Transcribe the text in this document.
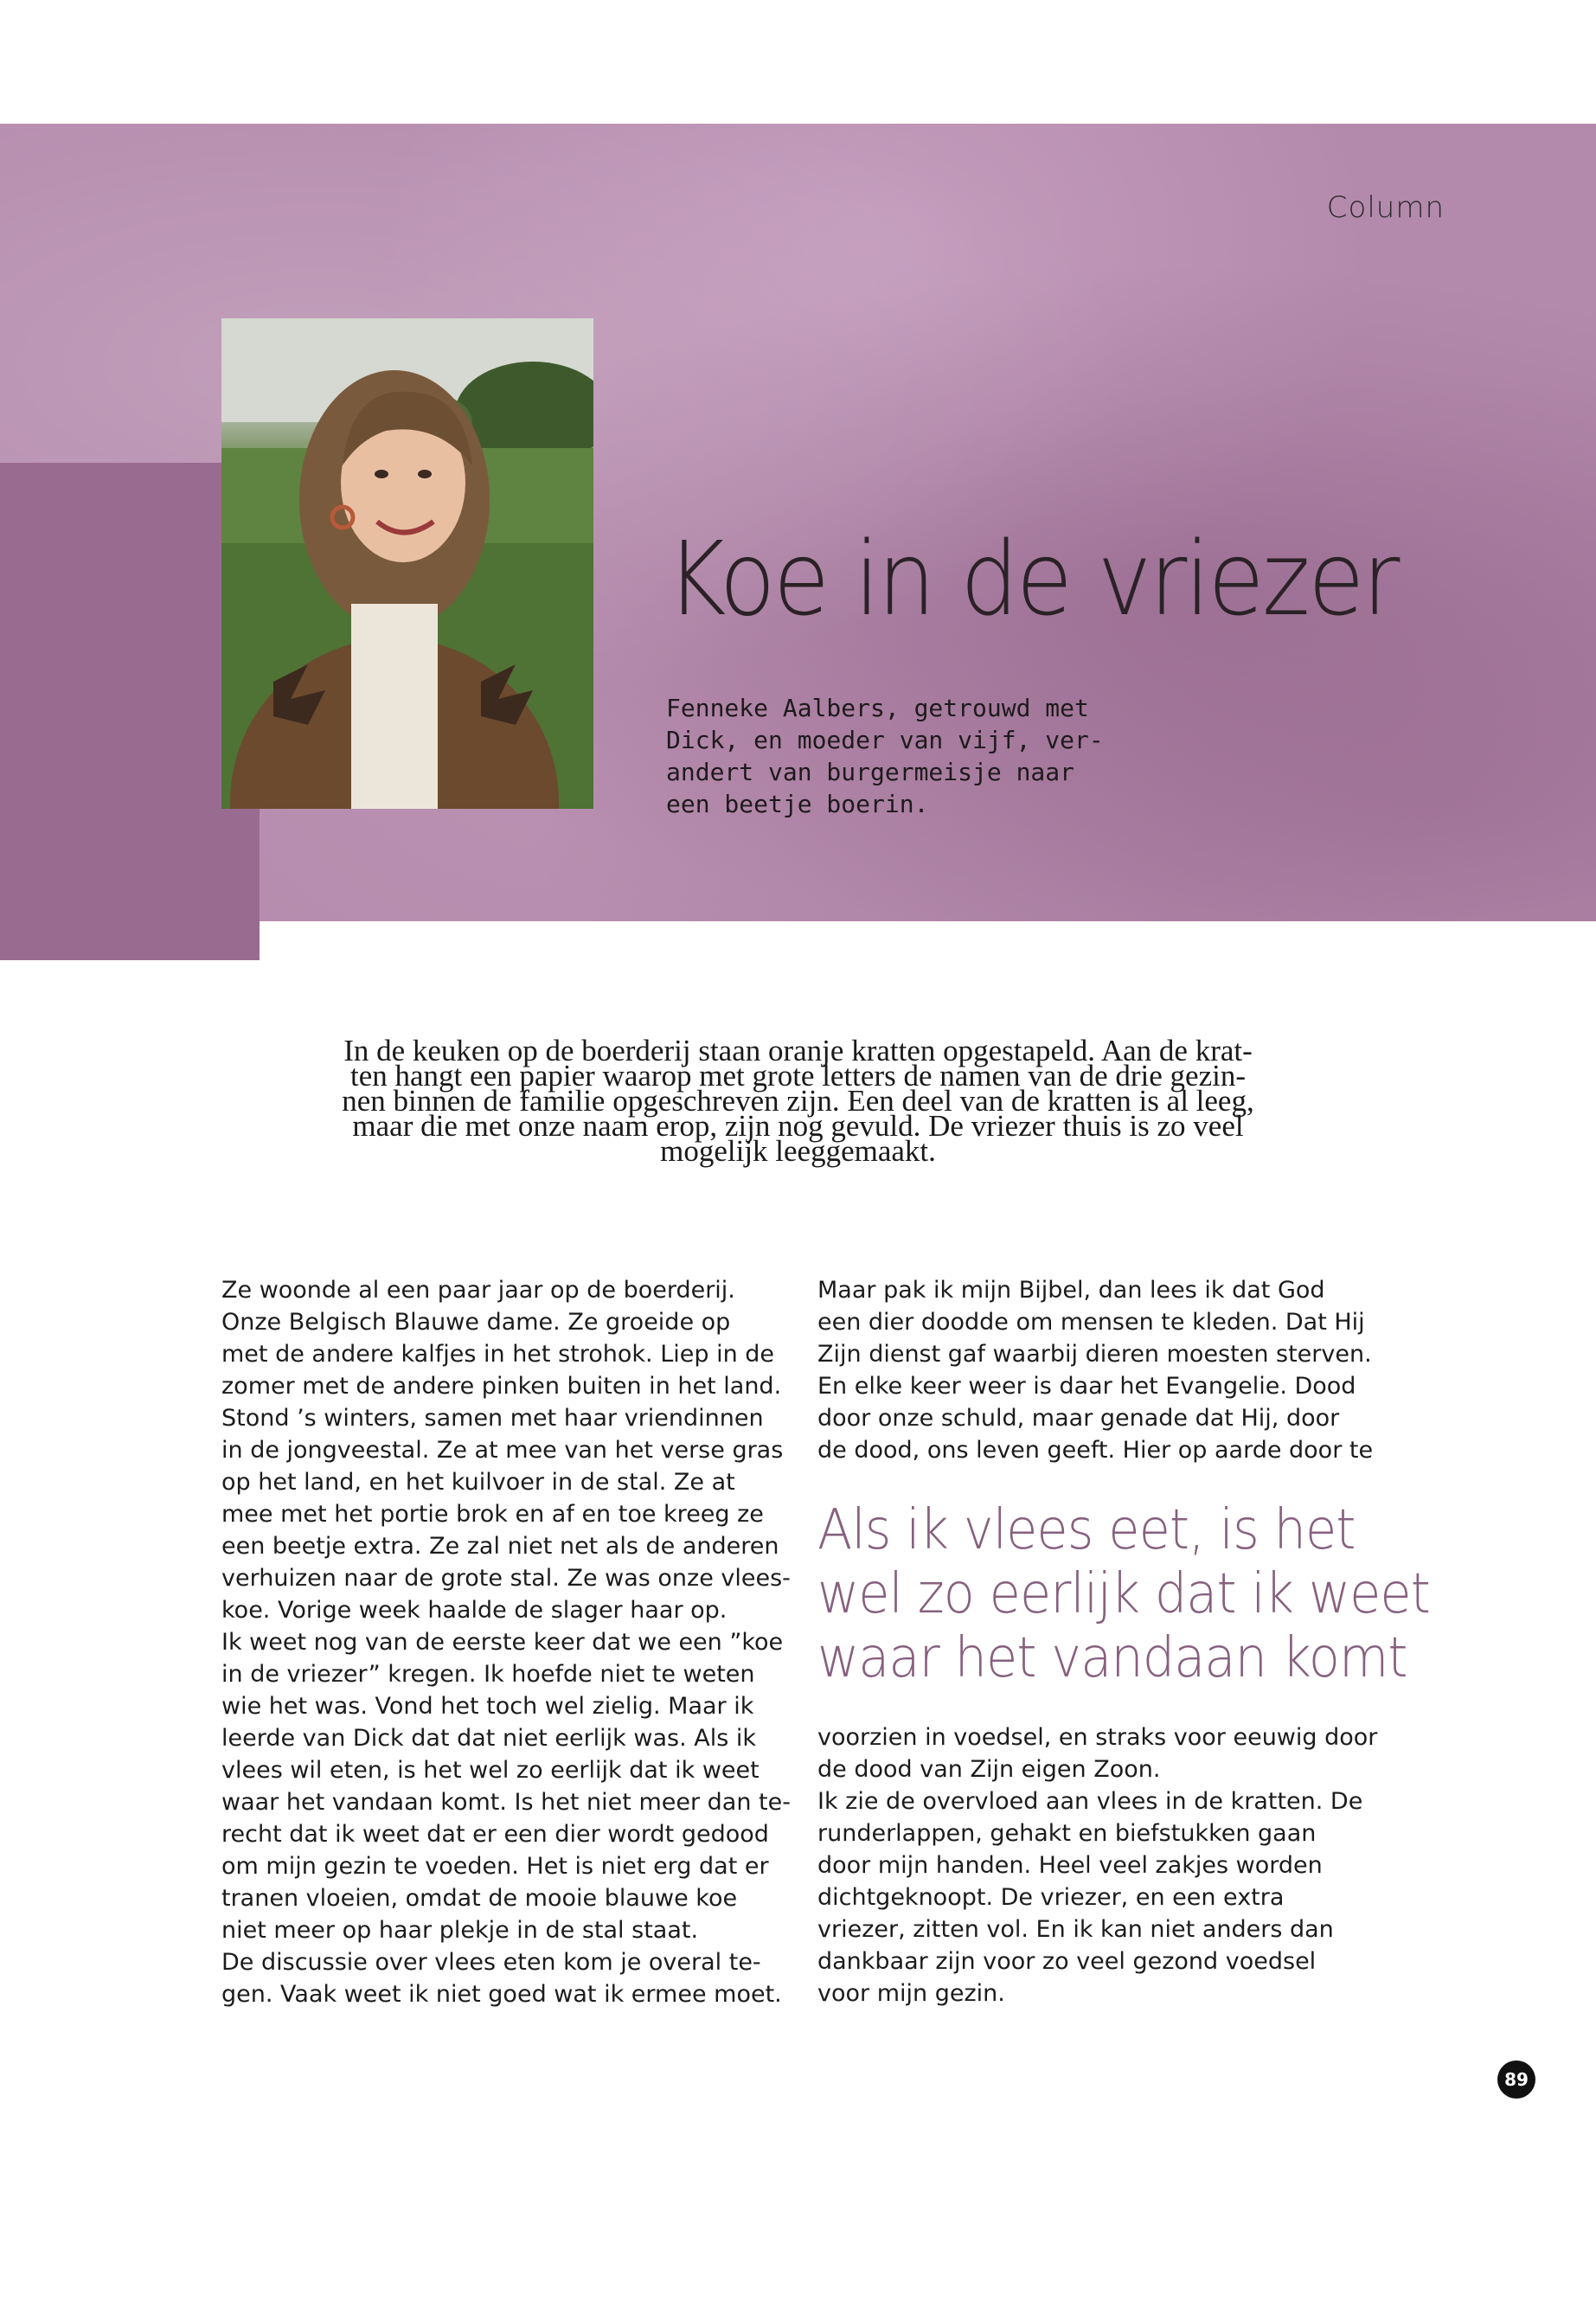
Column
Koe in de vriezer

Fenneke Aalbers, getrouwd met
Dick, en moeder van vijf, ver-
andert van burgermeisje naar
een beetje boerin.

In de keuken op de boerderij staan oranje kratten opgestapeld. Aan de krat-
ten hangt een papier waarop met grote letters de namen van de drie gezin-
nen binnen de familie opgeschreven zijn. Een deel van de kratten is al leeg,
maar die met onze naam erop, zijn nog gevuld. De vriezer thuis is zo veel
mogelijk leeggemaakt.

Ze woonde al een paar jaar op de boerderij.
Onze Belgisch Blauwe dame. Ze groeide op
met de andere kalfjes in het strohok. Liep in de
zomer met de andere pinken buiten in het land.
Stond ’s winters, samen met haar vriendinnen
in de jongveestal. Ze at mee van het verse gras
op het land, en het kuilvoer in de stal. Ze at
mee met het portie brok en af en toe kreeg ze
een beetje extra. Ze zal niet net als de anderen
verhuizen naar de grote stal. Ze was onze vlees-
koe. Vorige week haalde de slager haar op.
Ik weet nog van de eerste keer dat we een ”koe
in de vriezer” kregen. Ik hoefde niet te weten
wie het was. Vond het toch wel zielig. Maar ik
leerde van Dick dat dat niet eerlijk was. Als ik
vlees wil eten, is het wel zo eerlijk dat ik weet
waar het vandaan komt. Is het niet meer dan te-
recht dat ik weet dat er een dier wordt gedood
om mijn gezin te voeden. Het is niet erg dat er
tranen vloeien, omdat de mooie blauwe koe
niet meer op haar plekje in de stal staat.
De discussie over vlees eten kom je overal te-
gen. Vaak weet ik niet goed wat ik ermee moet.
Maar pak ik mijn Bijbel, dan lees ik dat God
een dier doodde om mensen te kleden. Dat Hij
Zijn dienst gaf waarbij dieren moesten sterven.
En elke keer weer is daar het Evangelie. Dood
door onze schuld, maar genade dat Hij, door
de dood, ons leven geeft. Hier op aarde door te
Als ik vlees eet, is het
wel zo eerlijk dat ik weet
waar het vandaan komt
voorzien in voedsel, en straks voor eeuwig door
de dood van Zijn eigen Zoon.
Ik zie de overvloed aan vlees in de kratten. De
runderlappen, gehakt en biefstukken gaan
door mijn handen. Heel veel zakjes worden
dichtgeknoopt. De vriezer, en een extra
vriezer, zitten vol. En ik kan niet anders dan
dankbaar zijn voor zo veel gezond voedsel
voor mijn gezin.
89
